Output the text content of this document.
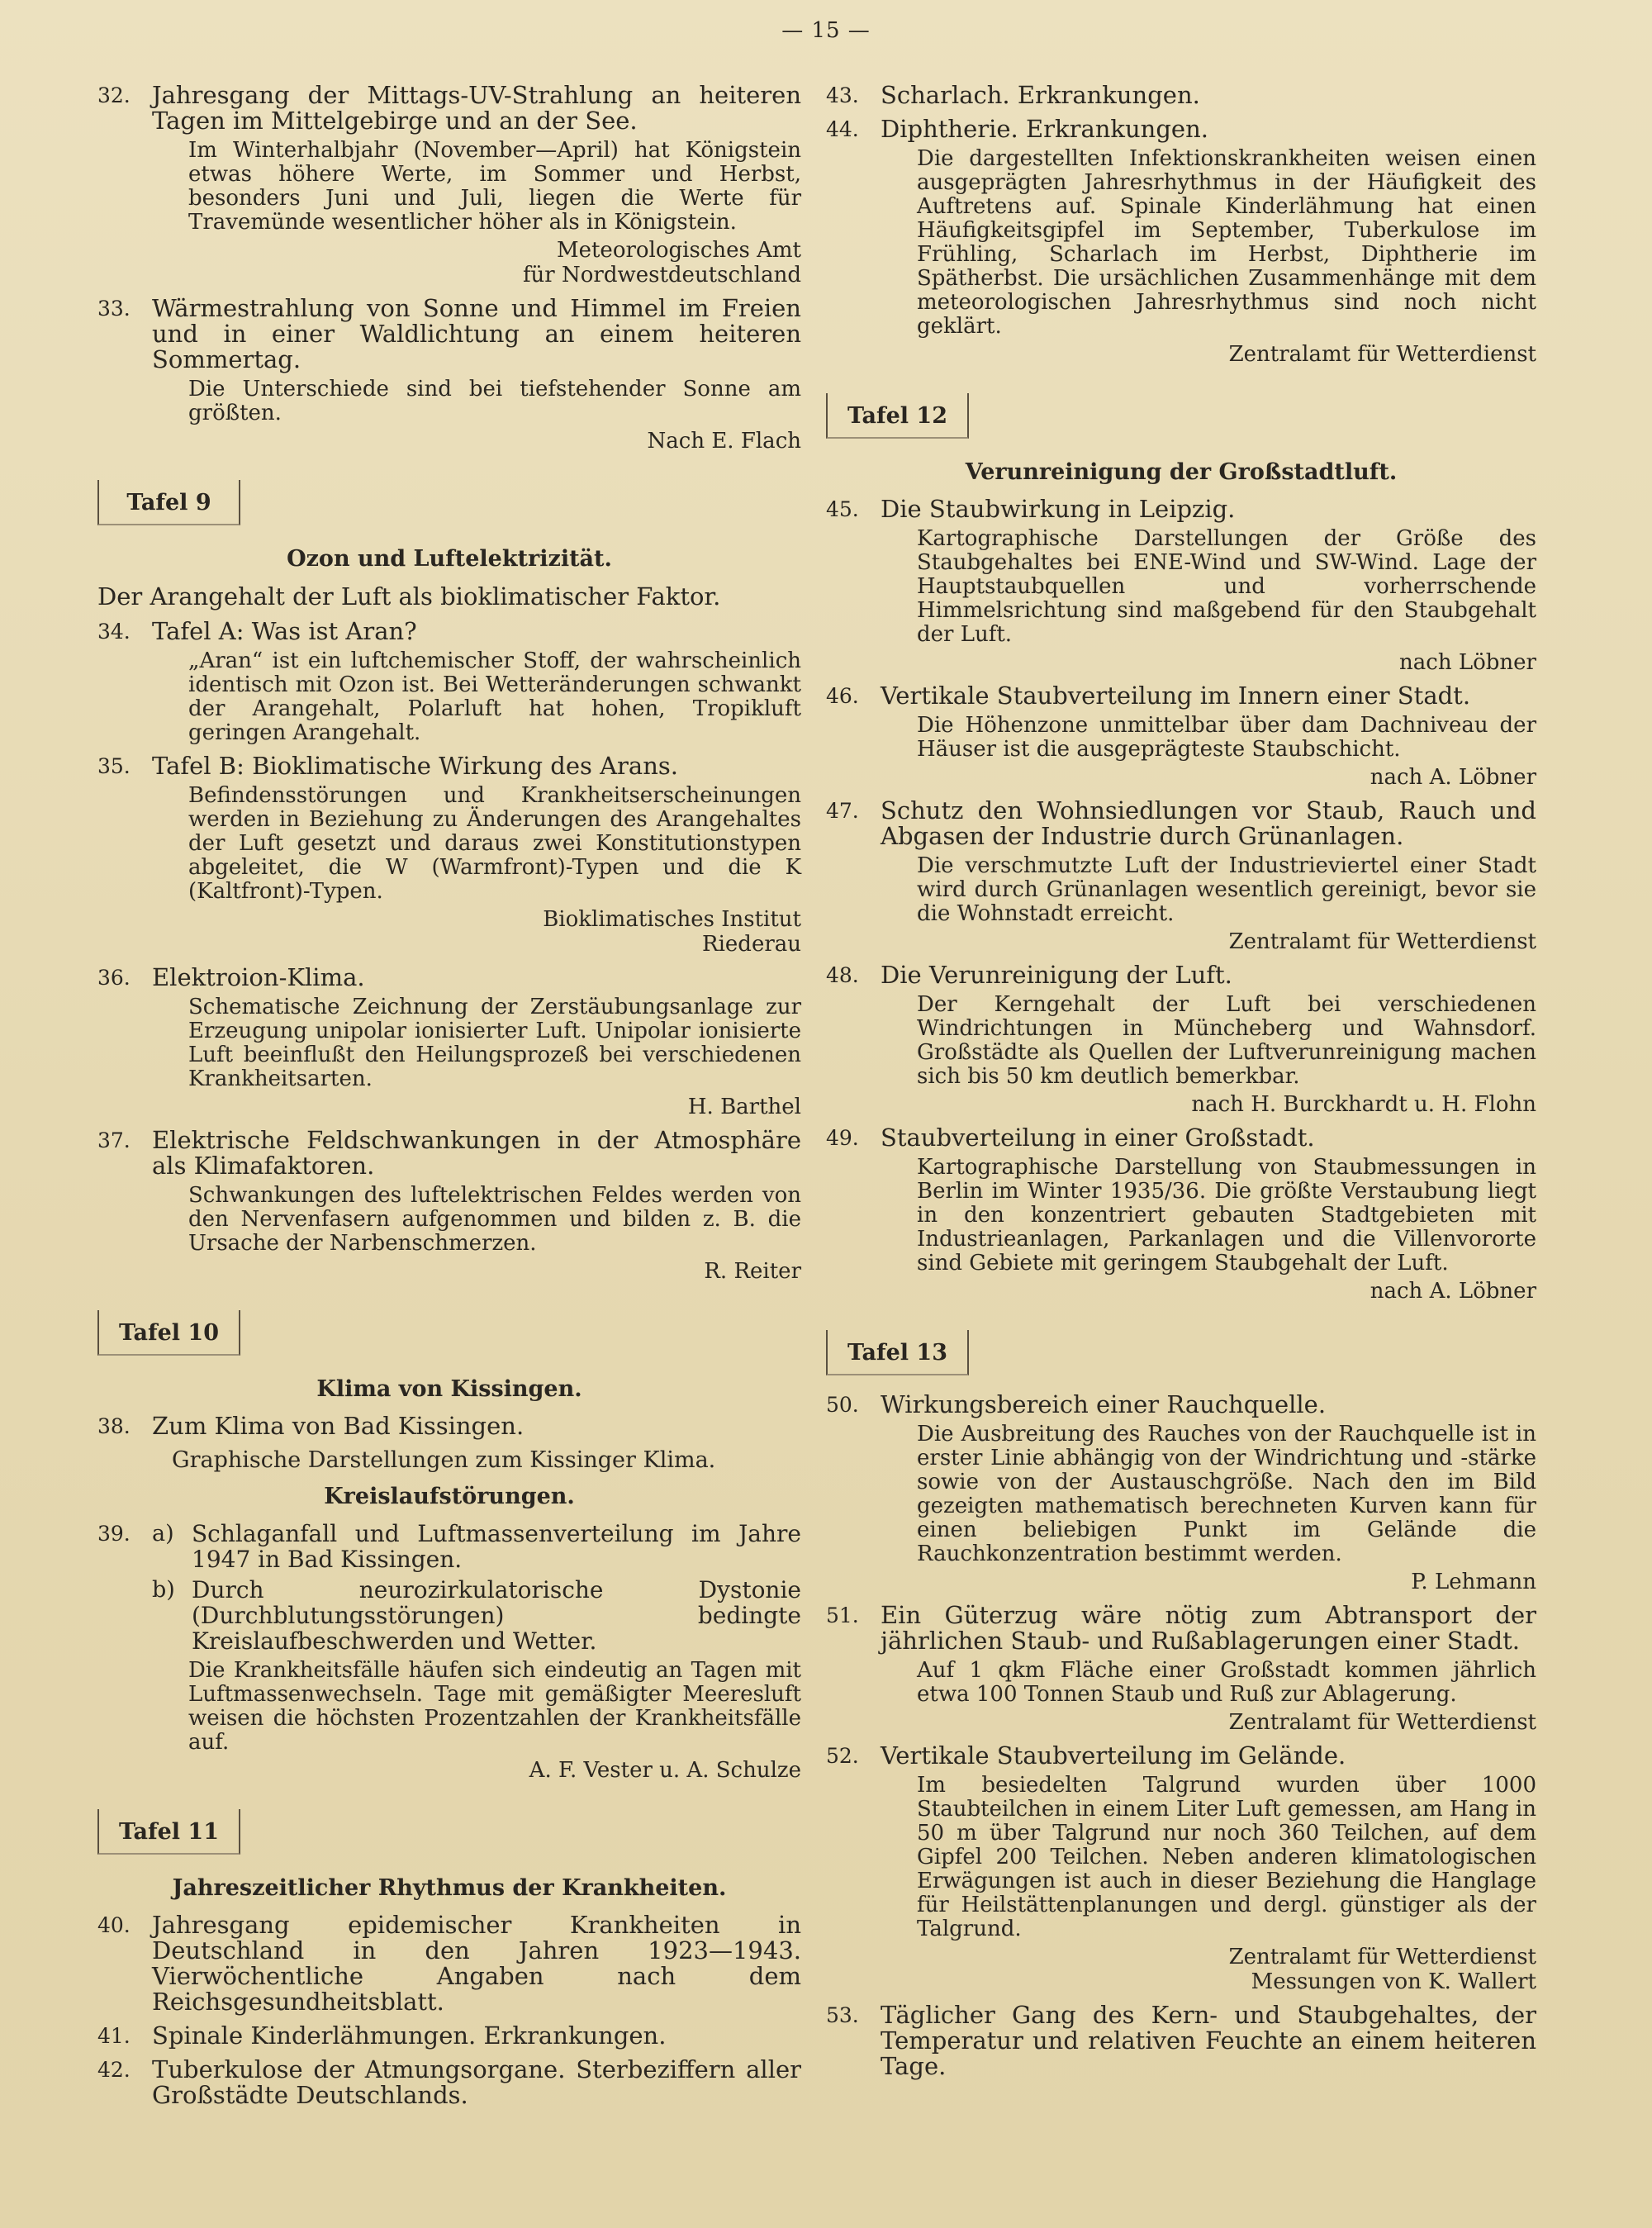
— 15 —
32. Jahresgang der Mittags-UV-Strahlung an heiteren Tagen im Mittelgebirge und an der See.
Im Winterhalbjahr (November—April) hat Königstein etwas höhere Werte, im Sommer und Herbst, besonders Juni und Juli, liegen die Werte für Travemünde wesentlicher höher als in Königstein.
Meteorologisches Amt
für Nordwestdeutschland
33. Wärmestrahlung von Sonne und Himmel im Freien und in einer Waldlichtung an einem heiteren Sommertag.
Die Unterschiede sind bei tiefstehender Sonne am größten.
Nach E. Flach
Tafel 9
Ozon und Luftelektrizität.
Der Arangehalt der Luft als bioklimatischer Faktor.
34. Tafel A: Was ist Aran?
„Aran“ ist ein luftchemischer Stoff, der wahrscheinlich identisch mit Ozon ist. Bei Wetteränderungen schwankt der Arangehalt, Polarluft hat hohen, Tropikluft geringen Arangehalt.
35. Tafel B: Bioklimatische Wirkung des Arans.
Befindensstörungen und Krankheitserscheinungen werden in Beziehung zu Änderungen des Arangehaltes der Luft gesetzt und daraus zwei Konstitutionstypen abgeleitet, die W (Warmfront)-Typen und die K (Kaltfront)-Typen.
Bioklimatisches Institut
Riederau
36. Elektroion-Klima.
Schematische Zeichnung der Zerstäubungsanlage zur Erzeugung unipolar ionisierter Luft. Unipolar ionisierte Luft beeinflußt den Heilungsprozeß bei verschiedenen Krankheitsarten.
H. Barthel
37. Elektrische Feldschwankungen in der Atmosphäre als Klimafaktoren.
Schwankungen des luftelektrischen Feldes werden von den Nervenfasern aufgenommen und bilden z. B. die Ursache der Narbenschmerzen.
R. Reiter
Tafel 10
Klima von Kissingen.
38. Zum Klima von Bad Kissingen.
Graphische Darstellungen zum Kissinger Klima.
Kreislaufstörungen.
39. a) Schlaganfall und Luftmassenverteilung im Jahre 1947 in Bad Kissingen.
b) Durch neurozirkulatorische Dystonie (Durchblutungsstörungen) bedingte Kreislaufbeschwerden und Wetter.
Die Krankheitsfälle häufen sich eindeutig an Tagen mit Luftmassenwechseln. Tage mit gemäßigter Meeresluft weisen die höchsten Prozentzahlen der Krankheitsfälle auf.
A. F. Vester u. A. Schulze
Tafel 11
Jahreszeitlicher Rhythmus der Krankheiten.
40. Jahresgang epidemischer Krankheiten in Deutschland in den Jahren 1923—1943. Vierwöchentliche Angaben nach dem Reichsgesundheitsblatt.
41. Spinale Kinderlähmungen. Erkrankungen.
42. Tuberkulose der Atmungsorgane. Sterbeziffern aller Großstädte Deutschlands.
43. Scharlach. Erkrankungen.
44. Diphtherie. Erkrankungen.
Die dargestellten Infektionskrankheiten weisen einen ausgeprägten Jahresrhythmus in der Häufigkeit des Auftretens auf. Spinale Kinderlähmung hat einen Häufigkeitsgipfel im September, Tuberkulose im Frühling, Scharlach im Herbst, Diphtherie im Spätherbst. Die ursächlichen Zusammenhänge mit dem meteorologischen Jahresrhythmus sind noch nicht geklärt.
Zentralamt für Wetterdienst
Tafel 12
Verunreinigung der Großstadtluft.
45. Die Staubwirkung in Leipzig.
Kartographische Darstellungen der Größe des Staubgehaltes bei ENE-Wind und SW-Wind. Lage der Hauptstaubquellen und vorherrschende Himmelsrichtung sind maßgebend für den Staubgehalt der Luft.
nach Löbner
46. Vertikale Staubverteilung im Innern einer Stadt.
Die Höhenzone unmittelbar über dam Dachniveau der Häuser ist die ausgeprägteste Staubschicht.
nach A. Löbner
47. Schutz den Wohnsiedlungen vor Staub, Rauch und Abgasen der Industrie durch Grünanlagen.
Die verschmutzte Luft der Industrieviertel einer Stadt wird durch Grünanlagen wesentlich gereinigt, bevor sie die Wohnstadt erreicht.
Zentralamt für Wetterdienst
48. Die Verunreinigung der Luft.
Der Kerngehalt der Luft bei verschiedenen Windrichtungen in Müncheberg und Wahnsdorf. Großstädte als Quellen der Luftverunreinigung machen sich bis 50 km deutlich bemerkbar.
nach H. Burckhardt u. H. Flohn
49. Staubverteilung in einer Großstadt.
Kartographische Darstellung von Staubmessungen in Berlin im Winter 1935/36. Die größte Verstaubung liegt in den konzentriert gebauten Stadtgebieten mit Industrieanlagen, Parkanlagen und die Villenvororte sind Gebiete mit geringem Staubgehalt der Luft.
nach A. Löbner
Tafel 13
50. Wirkungsbereich einer Rauchquelle.
Die Ausbreitung des Rauches von der Rauchquelle ist in erster Linie abhängig von der Windrichtung und -stärke sowie von der Austauschgröße. Nach den im Bild gezeigten mathematisch berechneten Kurven kann für einen beliebigen Punkt im Gelände die Rauchkonzentration bestimmt werden.
P. Lehmann
51. Ein Güterzug wäre nötig zum Abtransport der jährlichen Staub- und Rußablagerungen einer Stadt.
Auf 1 qkm Fläche einer Großstadt kommen jährlich etwa 100 Tonnen Staub und Ruß zur Ablagerung.
Zentralamt für Wetterdienst
52. Vertikale Staubverteilung im Gelände.
Im besiedelten Talgrund wurden über 1000 Staubteilchen in einem Liter Luft gemessen, am Hang in 50 m über Talgrund nur noch 360 Teilchen, auf dem Gipfel 200 Teilchen. Neben anderen klimatologischen Erwägungen ist auch in dieser Beziehung die Hanglage für Heilstättenplanungen und dergl. günstiger als der Talgrund.
Zentralamt für Wetterdienst
Messungen von K. Wallert
53. Täglicher Gang des Kern- und Staubgehaltes, der Temperatur und relativen Feuchte an einem heiteren Tage.
